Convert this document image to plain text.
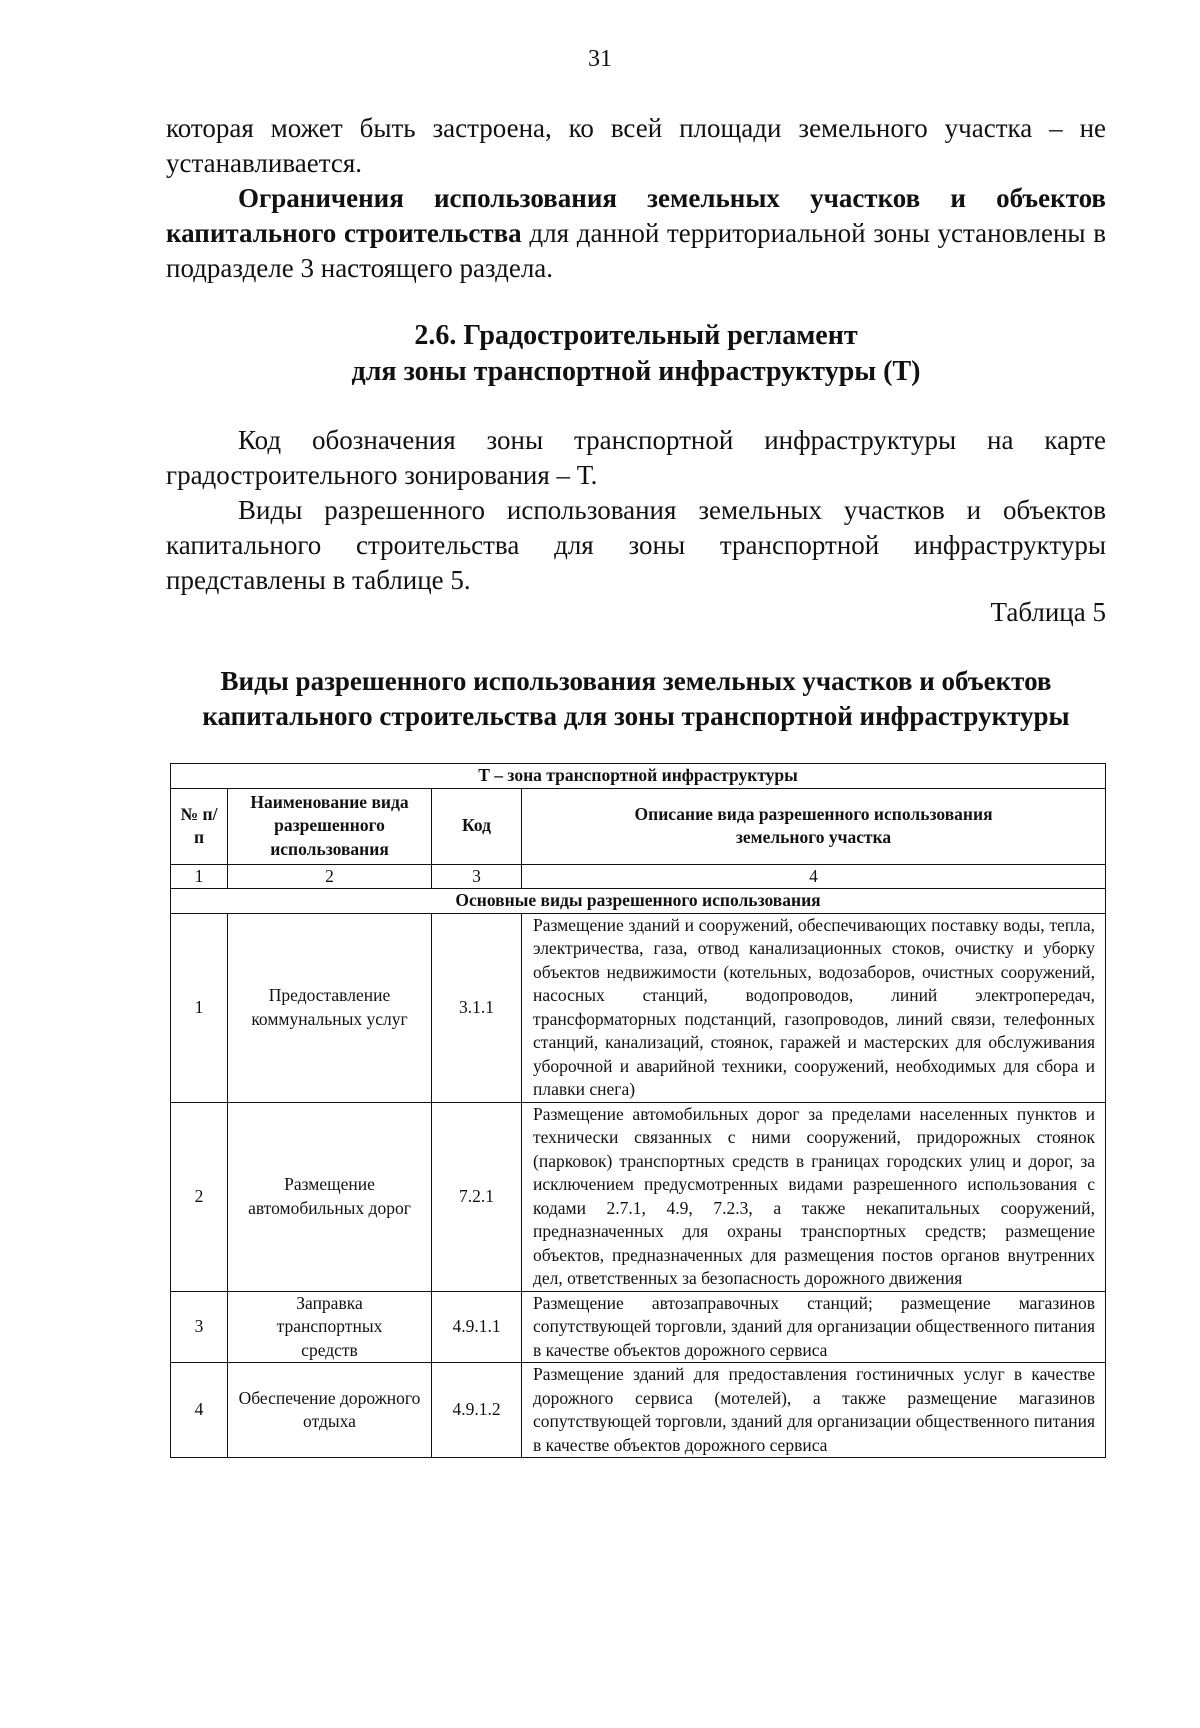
31

которая может быть застроена, ко всей площади земельного участка – не устанавливается.

Ограничения использования земельных участков и объектов капитального строительства для данной территориальной зоны установлены в подразделе 3 настоящего раздела.

2.6. Градостроительный регламент
для зоны транспортной инфраструктуры (Т)

Код обозначения зоны транспортной инфраструктуры на карте градостроительного зонирования – Т.

Виды разрешенного использования земельных участков и объектов капитального строительства для зоны транспортной инфраструктуры представлены в таблице 5.

Таблица 5
Виды разрешенного использования земельных участков и объектов
капитального строительства для зоны транспортной инфраструктуры
Т – зона транспортной инфраструктуры			
№ п/п	Наименование вида разрешенного использования	Код	Описание вида разрешенного использования земельного участка
1	2	3	4
Основные виды разрешенного использования			
1	Предоставление коммунальных услуг	3.1.1	Размещение зданий и сооружений, обеспечивающих поставку воды, тепла, электричества, газа, отвод канализационных стоков, очистку и уборку объектов недвижимости (котельных, водозаборов, очистных сооружений, насосных станций, водопроводов, линий электропередач, трансформаторных подстанций, газопроводов, линий связи, телефонных станций, канализаций, стоянок, гаражей и мастерских для обслуживания уборочной и аварийной техники, сооружений, необходимых для сбора и плавки снега)
2	Размещение автомобильных дорог	7.2.1	Размещение автомобильных дорог за пределами населенных пунктов и технически связанных с ними сооружений, придорожных стоянок (парковок) транспортных средств в границах городских улиц и дорог, за исключением предусмотренных видами разрешенного использования с кодами 2.7.1, 4.9, 7.2.3, а также некапитальных сооружений, предназначенных для охраны транспортных средств; размещение объектов, предназначенных для размещения постов органов внутренних дел, ответственных за безопасность дорожного движения
3	Заправка транспортных средств	4.9.1.1	Размещение автозаправочных станций; размещение магазинов сопутствующей торговли, зданий для организации общественного питания в качестве объектов дорожного сервиса
4	Обеспечение дорожного отдыха	4.9.1.2	Размещение зданий для предоставления гостиничных услуг в качестве дорожного сервиса (мотелей), а также размещение магазинов сопутствующей торговли, зданий для организации общественного питания в качестве объектов дорожного сервиса
